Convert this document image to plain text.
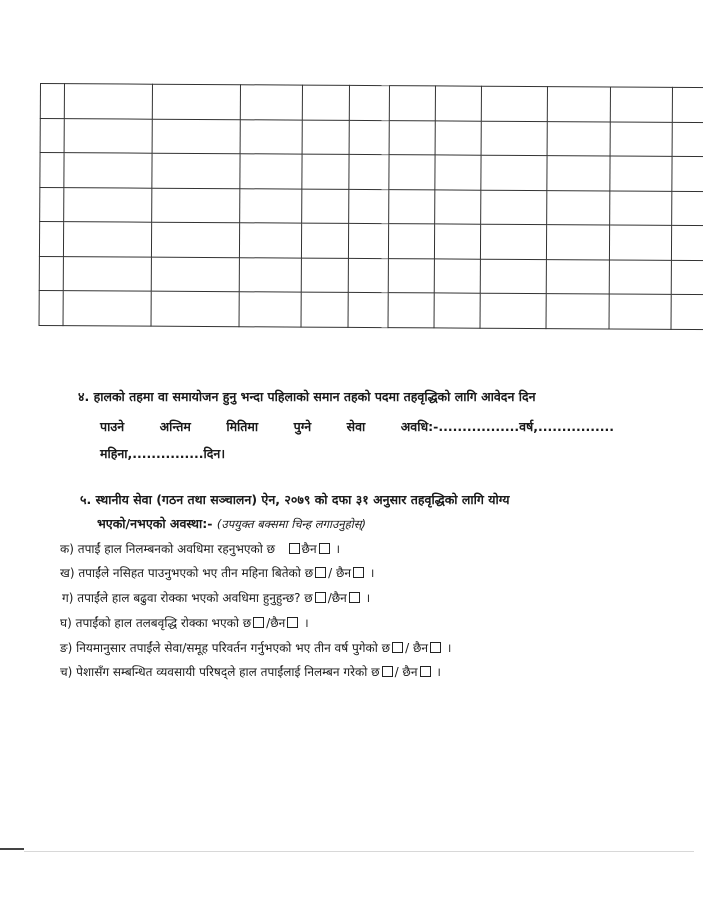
४. हालको तहमा वा समायोजन हुनु भन्दा पहिलाको समान तहको पदमा तहवृद्धिको लागि आवेदन दिन
पाउने	अन्तिम	मितिमा	पुग्ने	सेवा	अवधि:-.................वर्ष,................
महिना,...............दिन।
५. स्थानीय सेवा (गठन तथा सञ्चालन) ऐन, २०७९ को दफा ३१ अनुसार तहवृद्धिको लागि योग्य
भएको/नभएको अवस्था:- (उपयुक्त बक्समा चिन्ह लगाउनुहोस्)
क) तपाईं हाल निलम्बनको अवधिमा रहनुभएको छ छैन ।
ख) तपाईंले नसिहत पाउनुभएको भए तीन महिना बितेको छ / छैन ।
ग) तपाईंले हाल बढुवा रोक्का भएको अवधिमा हुनुहुन्छ? छ /छैन ।
घ) तपाईंको हाल तलबवृद्धि रोक्का भएको छ /छैन ।
ङ) नियमानुसार तपाईंले सेवा/समूह परिवर्तन गर्नुभएको भए तीन वर्ष पुगेको छ / छैन ।
च) पेशासँग सम्बन्धित व्यवसायी परिषद्ले हाल तपाईंलाई निलम्बन गरेको छ / छैन ।
